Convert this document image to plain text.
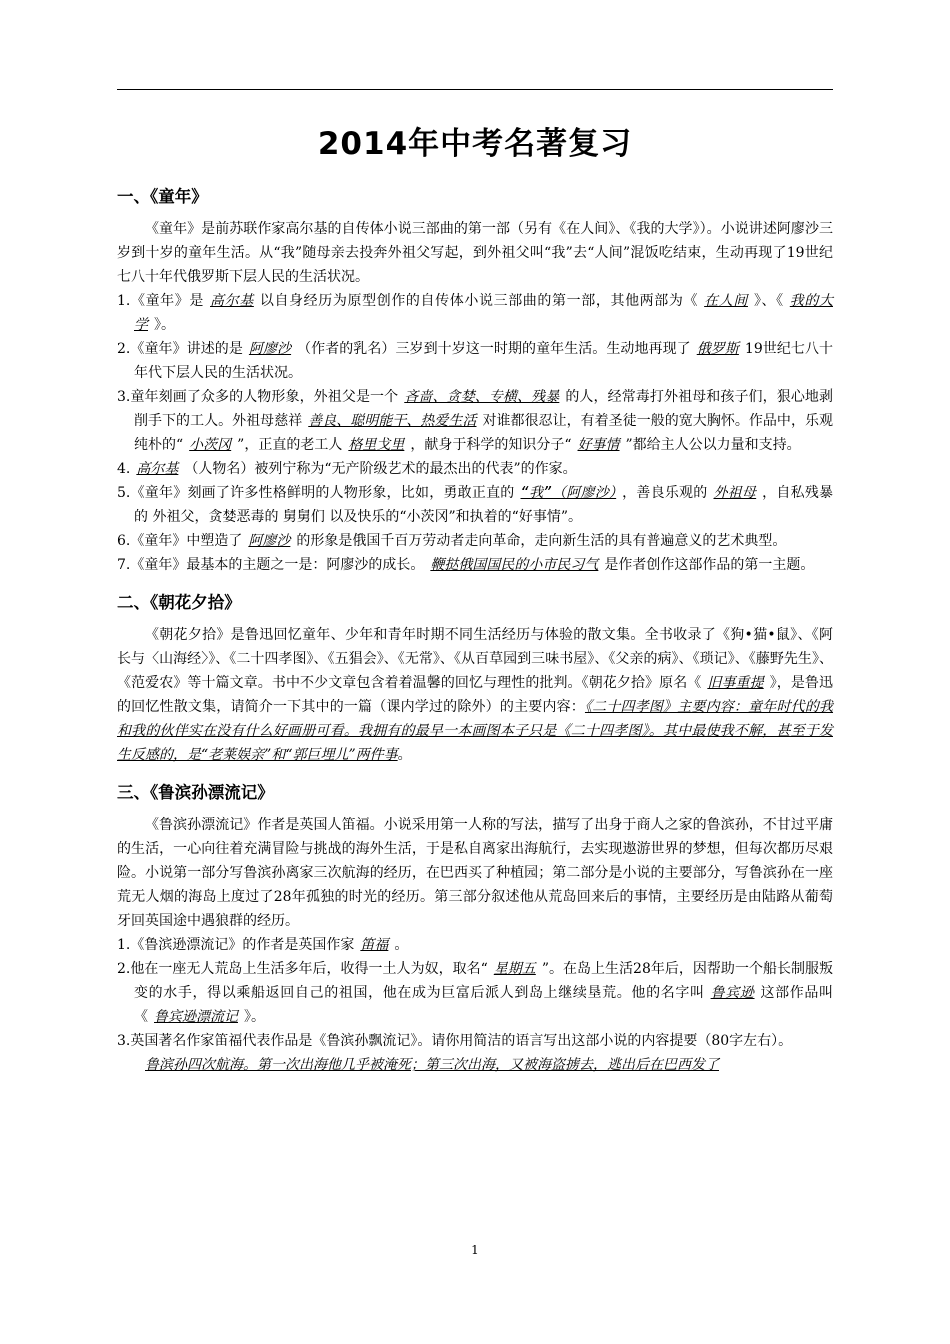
2014年中考名著复习
一、《童年》

《童年》是前苏联作家高尔基的自传体小说三部曲的第一部（另有《在人间》、《我的大学》）。小说讲述阿廖沙三岁到十岁的童年生活。从“我”随母亲去投奔外祖父写起，到外祖父叫“我”去“人间”混饭吃结束，生动再现了19世纪七八十年代俄罗斯下层人民的生活状况。

1.《童年》是 高尔基 以自身经历为原型创作的自传体小说三部曲的第一部，其他两部为《 在人间 》、《 我的大学 》。
2.《童年》讲述的是 阿廖沙 （作者的乳名）三岁到十岁这一时期的童年生活。生动地再现了 俄罗斯 19世纪七八十年代下层人民的生活状况。
3.童年刻画了众多的人物形象，外祖父是一个 吝啬、贪婪、专横、残暴 的人，经常毒打外祖母和孩子们，狠心地剥削手下的工人。外祖母慈祥 善良、聪明能干、热爱生活 对谁都很忍让，有着圣徒一般的宽大胸怀。作品中，乐观纯朴的“ 小茨冈 ”，正直的老工人 格里戈里 ，献身于科学的知识分子“ 好事情 ”都给主人公以力量和支持。
4. 高尔基 （人物名）被列宁称为“无产阶级艺术的最杰出的代表”的作家。
5.《童年》刻画了许多性格鲜明的人物形象，比如，勇敢正直的 “我”（阿廖沙） ，善良乐观的 外祖母 ，自私残暴的 外祖父，贪婪恶毒的 舅舅们 以及快乐的“小茨冈”和执着的“好事情”。
6.《童年》中塑造了 阿廖沙 的形象是俄国千百万劳动者走向革命，走向新生活的具有普遍意义的艺术典型。
7.《童年》最基本的主题之一是：阿廖沙的成长。 鞭挞俄国国民的小市民习气 是作者创作这部作品的第一主题。
二、《朝花夕拾》

《朝花夕拾》是鲁迅回忆童年、少年和青年时期不同生活经历与体验的散文集。全书收录了《狗•猫•鼠》、《阿长与〈山海经〉》、《二十四孝图》、《五猖会》、《无常》、《从百草园到三味书屋》、《父亲的病》、《琐记》、《藤野先生》、《范爱农》等十篇文章。书中不少文章包含着着温馨的回忆与理性的批判。《朝花夕拾》原名《 旧事重提 》，是鲁迅的回忆性散文集，请简介一下其中的一篇（课内学过的除外）的主要内容：《二十四孝图》主要内容：童年时代的我和我的伙伴实在没有什么好画册可看。我拥有的最早一本画图本子只是《二十四孝图》。其中最使我不解，甚至于发生反感的，是“老莱娱亲”和“郭巨埋儿”两件事。

三、《鲁滨孙漂流记》

《鲁滨孙漂流记》作者是英国人笛福。小说采用第一人称的写法，描写了出身于商人之家的鲁滨孙，不甘过平庸的生活，一心向往着充满冒险与挑战的海外生活，于是私自离家出海航行，去实现遨游世界的梦想，但每次都历尽艰险。小说第一部分写鲁滨孙离家三次航海的经历，在巴西买了种植园；第二部分是小说的主要部分，写鲁滨孙在一座荒无人烟的海岛上度过了28年孤独的时光的经历。第三部分叙述他从荒岛回来后的事情，主要经历是由陆路从葡萄牙回英国途中遇狼群的经历。

1.《鲁滨逊漂流记》的作者是英国作家 笛福 。
2.他在一座无人荒岛上生活多年后，收得一土人为奴，取名“ 星期五 ”。在岛上生活28年后，因帮助一个船长制服叛变的水手，得以乘船返回自己的祖国，他在成为巨富后派人到岛上继续垦荒。他的名字叫 鲁宾逊 这部作品叫《 鲁宾逊漂流记 》。
3.英国著名作家笛福代表作品是《鲁滨孙飘流记》。请你用简洁的语言写出这部小说的内容提要（80字左右）。

鲁滨孙四次航海。第一次出海他几乎被淹死；第三次出海，又被海盗掳去，逃出后在巴西发了

1
